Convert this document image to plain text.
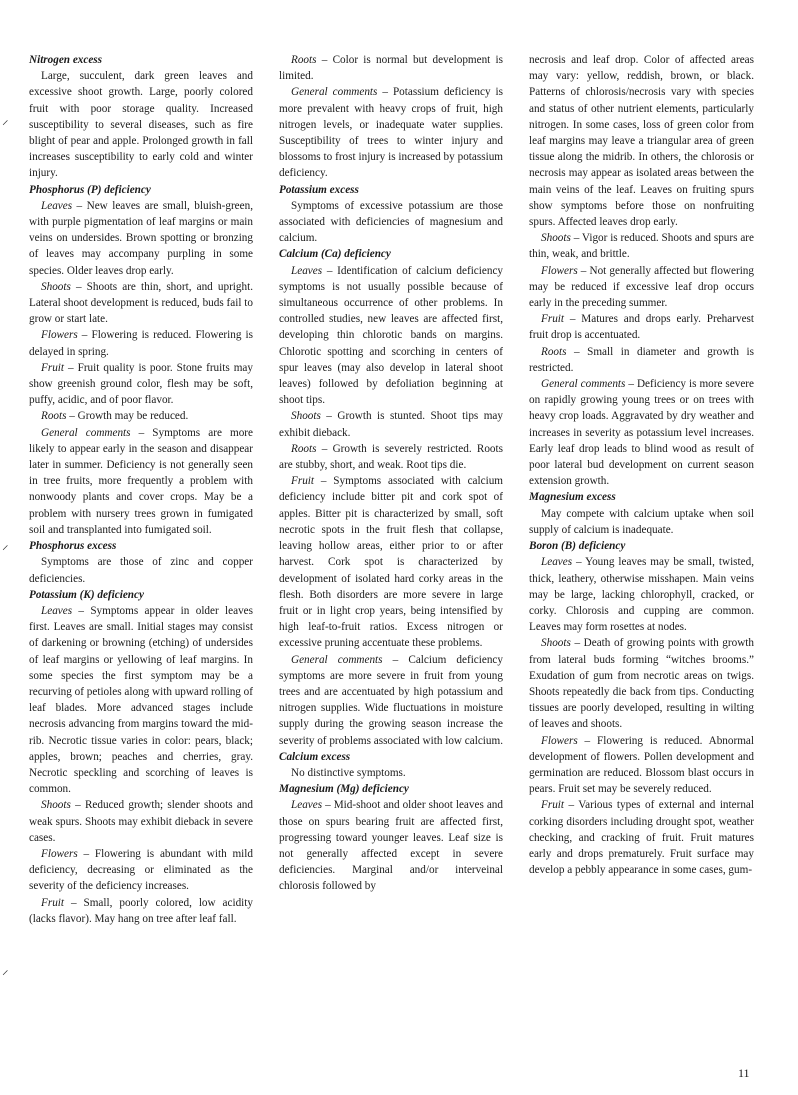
⸝
⸝
⸝

Nitrogen excess

Large, succulent, dark green leaves and excessive shoot growth. Large, poorly colored fruit with poor storage quality. Increased susceptibility to several diseases, such as fire blight of pear and apple. Prolonged growth in fall increases susceptibility to early cold and winter injury.

Phosphorus (P) deficiency

Leaves – New leaves are small, bluish-green, with purple pigmentation of leaf margins or main veins on undersides. Brown spotting or bronzing of leaves may accompany purpling in some species. Older leaves drop early.

Shoots – Shoots are thin, short, and upright. Lateral shoot development is reduced, buds fail to grow or start late.

Flowers – Flowering is reduced. Flowering is delayed in spring.

Fruit – Fruit quality is poor. Stone fruits may show greenish ground color, flesh may be soft, puffy, acidic, and of poor flavor.

Roots – Growth may be reduced.

General comments – Symptoms are more likely to appear early in the season and disappear later in summer. Deficiency is not generally seen in tree fruits, more frequently a problem with nonwoody plants and cover crops. May be a problem with nursery trees grown in fumigated soil and transplanted into fumigated soil.

Phosphorus excess

Symptoms are those of zinc and copper deficiencies.

Potassium (K) deficiency

Leaves – Symptoms appear in older leaves first. Leaves are small. Initial stages may consist of darkening or browning (etching) of undersides of leaf margins or yellowing of leaf margins. In some species the first symptom may be a recurving of petioles along with upward rolling of leaf blades. More advanced stages include necrosis advancing from margins toward the mid-rib. Necrotic tissue varies in color: pears, black; apples, brown; peaches and cherries, gray. Necrotic speckling and scorching of leaves is common.

Shoots – Reduced growth; slender shoots and weak spurs. Shoots may exhibit dieback in severe cases.

Flowers – Flowering is abundant with mild deficiency, decreasing or eliminated as the severity of the deficiency increases.

Fruit – Small, poorly colored, low acidity (lacks flavor). May hang on tree after leaf fall.

Roots – Color is normal but development is limited.

General comments – Potassium deficiency is more prevalent with heavy crops of fruit, high nitrogen levels, or inadequate water supplies. Susceptibility of trees to winter injury and blossoms to frost injury is increased by potassium deficiency.

Potassium excess

Symptoms of excessive potassium are those associated with deficiencies of magnesium and calcium.

Calcium (Ca) deficiency

Leaves – Identification of calcium deficiency symptoms is not usually possible because of simultaneous occurrence of other problems. In controlled studies, new leaves are affected first, developing thin chlorotic bands on margins. Chlorotic spotting and scorching in centers of spur leaves (may also develop in lateral shoot leaves) followed by defoliation beginning at shoot tips.

Shoots – Growth is stunted. Shoot tips may exhibit dieback.

Roots – Growth is severely restricted. Roots are stubby, short, and weak. Root tips die.

Fruit – Symptoms associated with calcium deficiency include bitter pit and cork spot of apples. Bitter pit is characterized by small, soft necrotic spots in the fruit flesh that collapse, leaving hollow areas, either prior to or after harvest. Cork spot is characterized by development of isolated hard corky areas in the flesh. Both disorders are more severe in large fruit or in light crop years, being intensified by high leaf-to-fruit ratios. Excess nitrogen or excessive pruning accentuate these problems.

General comments – Calcium deficiency symptoms are more severe in fruit from young trees and are accentuated by high potassium and nitrogen supplies. Wide fluctuations in moisture supply during the growing season increase the severity of problems associated with low calcium.

Calcium excess

No distinctive symptoms.

Magnesium (Mg) deficiency

Leaves – Mid-shoot and older shoot leaves and those on spurs bearing fruit are affected first, progressing toward younger leaves. Leaf size is not generally affected except in severe deficiencies. Marginal and/or interveinal chlorosis followed by

necrosis and leaf drop. Color of affected areas may vary: yellow, reddish, brown, or black. Patterns of chlorosis/necrosis vary with species and status of other nutrient elements, particularly nitrogen. In some cases, loss of green color from leaf margins may leave a triangular area of green tissue along the midrib. In others, the chlorosis or necrosis may appear as isolated areas between the main veins of the leaf. Leaves on fruiting spurs show symptoms before those on nonfruiting spurs. Affected leaves drop early.

Shoots – Vigor is reduced. Shoots and spurs are thin, weak, and brittle.

Flowers – Not generally affected but flowering may be reduced if excessive leaf drop occurs early in the preceding summer.

Fruit – Matures and drops early. Preharvest fruit drop is accentuated.

Roots – Small in diameter and growth is restricted.

General comments – Deficiency is more severe on rapidly growing young trees or on trees with heavy crop loads. Aggravated by dry weather and increases in severity as potassium level increases. Early leaf drop leads to blind wood as result of poor lateral bud development on current season extension growth.

Magnesium excess

May compete with calcium uptake when soil supply of calcium is inadequate.

Boron (B) deficiency

Leaves – Young leaves may be small, twisted, thick, leathery, otherwise misshapen. Main veins may be large, lacking chlorophyll, cracked, or corky. Chlorosis and cupping are common. Leaves may form rosettes at nodes.

Shoots – Death of growing points with growth from lateral buds forming “witches brooms.” Exudation of gum from necrotic areas on twigs. Shoots repeatedly die back from tips. Conducting tissues are poorly developed, resulting in wilting of leaves and shoots.

Flowers – Flowering is reduced. Abnormal development of flowers. Pollen development and germination are reduced. Blossom blast occurs in pears. Fruit set may be severely reduced.

Fruit – Various types of external and internal corking disorders including drought spot, weather checking, and cracking of fruit. Fruit matures early and drops prematurely. Fruit surface may develop a pebbly appearance in some cases, gum-

11
